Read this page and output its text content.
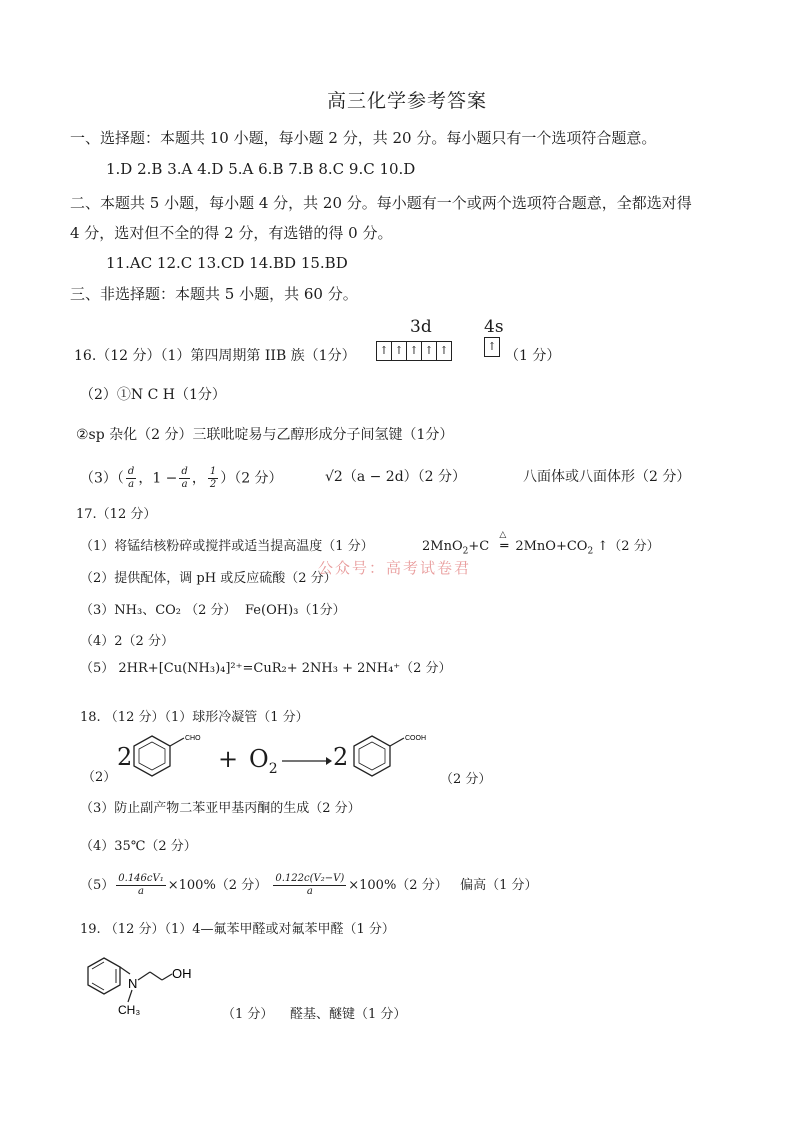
高三化学参考答案
一、选择题：本题共 10 小题，每小题 2 分，共 20 分。每小题只有一个选项符合题意。
1.D 2.B 3.A 4.D 5.A 6.B 7.B 8.C 9.C 10.D
二、本题共 5 小题，每小题 4 分，共 20 分。每小题有一个或两个选项符合题意，全都选对得
4 分，选对但不全的得 2 分，有选错的得 0 分。
11.AC 12.C 13.CD 14.BD 15.BD
三、非选择题：本题共 5 小题，共 60 分。
16.（12 分）（1）第四周期第 IIB 族（1分）
3d
↑ ↑ ↑ ↑ ↑
4s
↑
（1 分）
（2）①N C H（1分）
②sp 杂化（2 分）三联吡啶易与乙醇形成分子间氢键（1分）
$(3)( \frac{d}{a}$ ，$1 - \frac{d}{a}$ ， $\frac{1}{2} )(2$ 分）	√2（a − 2d）（2 分）	八面体或八面体形（2 分）
17.（12 分）
（1）将锰结核粉碎或搅拌或适当提高温度（1 分）	2MnO$_2$+C
△
═ $2MnO+CO_2$ ↑（2 分）
（2）提供配体，调 pH 或反应硫酸（2 分）
公众号：高考试卷君
（3）NH₃、CO₂ （2 分） Fe(OH)₃（1分）
（4）2（2 分）
（5） 2HR+[Cu(NH₃)₄]²⁺=CuR₂+ 2NH₃ + 2NH₄⁺（2 分）
18. （12 分）（1）球形冷凝管（1 分）
（2）
2
CHO
+ $O_2 \to 2$
COOH
（2 分）
（3）防止副产物二苯亚甲基丙酮的生成（2 分）
（4）35℃（2 分）
$(5) \frac{\text{0.146cV₁}}{a} \times 100\%(2$ 分） $\frac{\text{0.122c(V₂−V)}}{a} \times 100\%(2$ 分） 偏高（1 分）
19. （12 分）（1）4—氟苯甲醛或对氟苯甲醛（1 分）
N
OH
CH₃	（1 分） 醛基、醚键（1 分）
